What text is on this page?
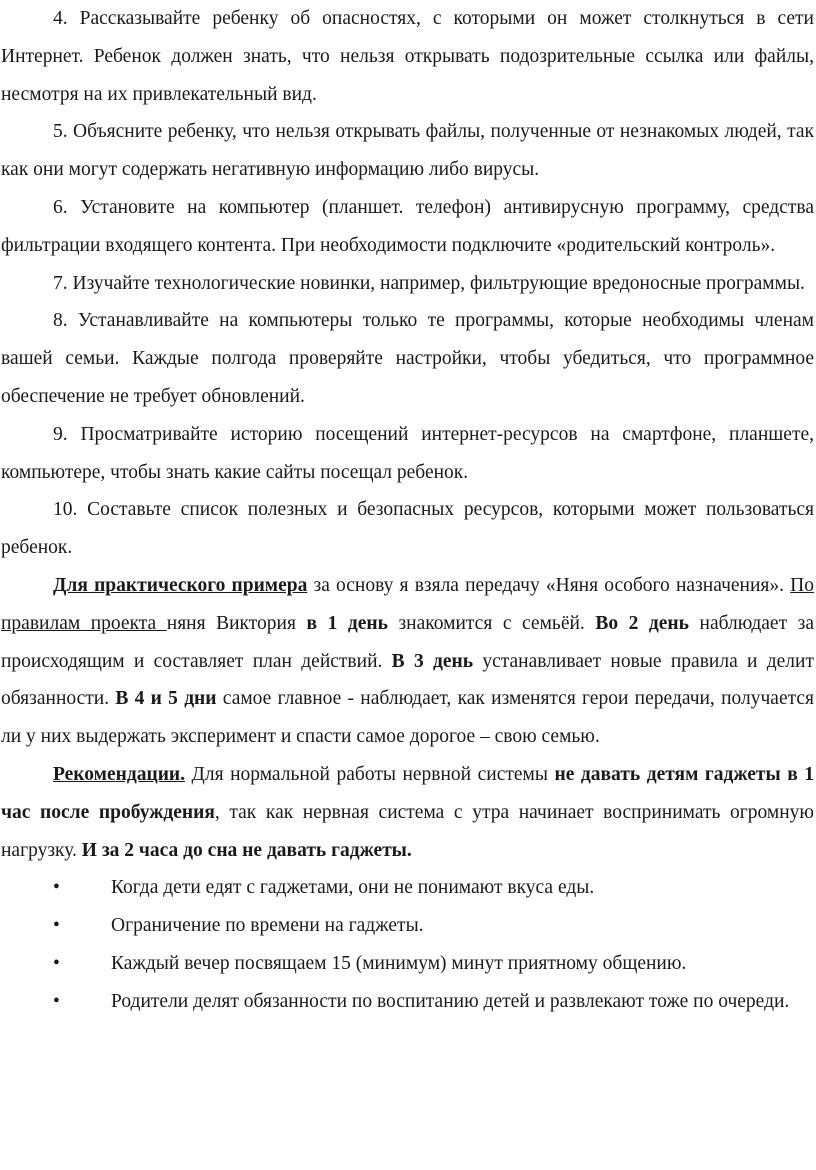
4. Рассказывайте ребенку об опасностях, с которыми он может столкнуться в сети Интернет. Ребенок должен знать, что нельзя открывать подозрительные ссылка или файлы, несмотря на их привлекательный вид.

5. Объясните ребенку, что нельзя открывать файлы, полученные от незнакомых людей, так как они могут содержать негативную информацию либо вирусы.

6. Установите на компьютер (планшет. телефон) антивирусную программу, средства фильтрации входящего контента. При необходимости подключите «родительский контроль».

7. Изучайте технологические новинки, например, фильтрующие вредоносные программы.

8. Устанавливайте на компьютеры только те программы, которые необходимы членам вашей семьи. Каждые полгода проверяйте настройки, чтобы убедиться, что программное обеспечение не требует обновлений.

9. Просматривайте историю посещений интернет-ресурсов на смартфоне, планшете, компьютере, чтобы знать какие сайты посещал ребенок.

10. Составьте список полезных и безопасных ресурсов, которыми может пользоваться ребенок.

Для практического примера за основу я взяла передачу «Няня особого назначения». По правилам проекта няня Виктория в 1 день знакомится с семьёй. Во 2 день наблюдает за происходящим и составляет план действий. В 3 день устанавливает новые правила и делит обязанности. В 4 и 5 дни самое главное - наблюдает, как изменятся герои передачи, получается ли у них выдержать эксперимент и спасти самое дорогое – свою семью.

Рекомендации. Для нормальной работы нервной системы не давать детям гаджеты в 1 час после пробуждения, так как нервная система с утра начинает воспринимать огромную нагрузку. И за 2 часа до сна не давать гаджеты.

•	Когда дети едят с гаджетами, они не понимают вкуса еды.

•	Ограничение по времени на гаджеты.

•	Каждый вечер посвящаем 15 (минимум) минут приятному общению.

•	Родители делят обязанности по воспитанию детей и развлекают тоже по очереди.
